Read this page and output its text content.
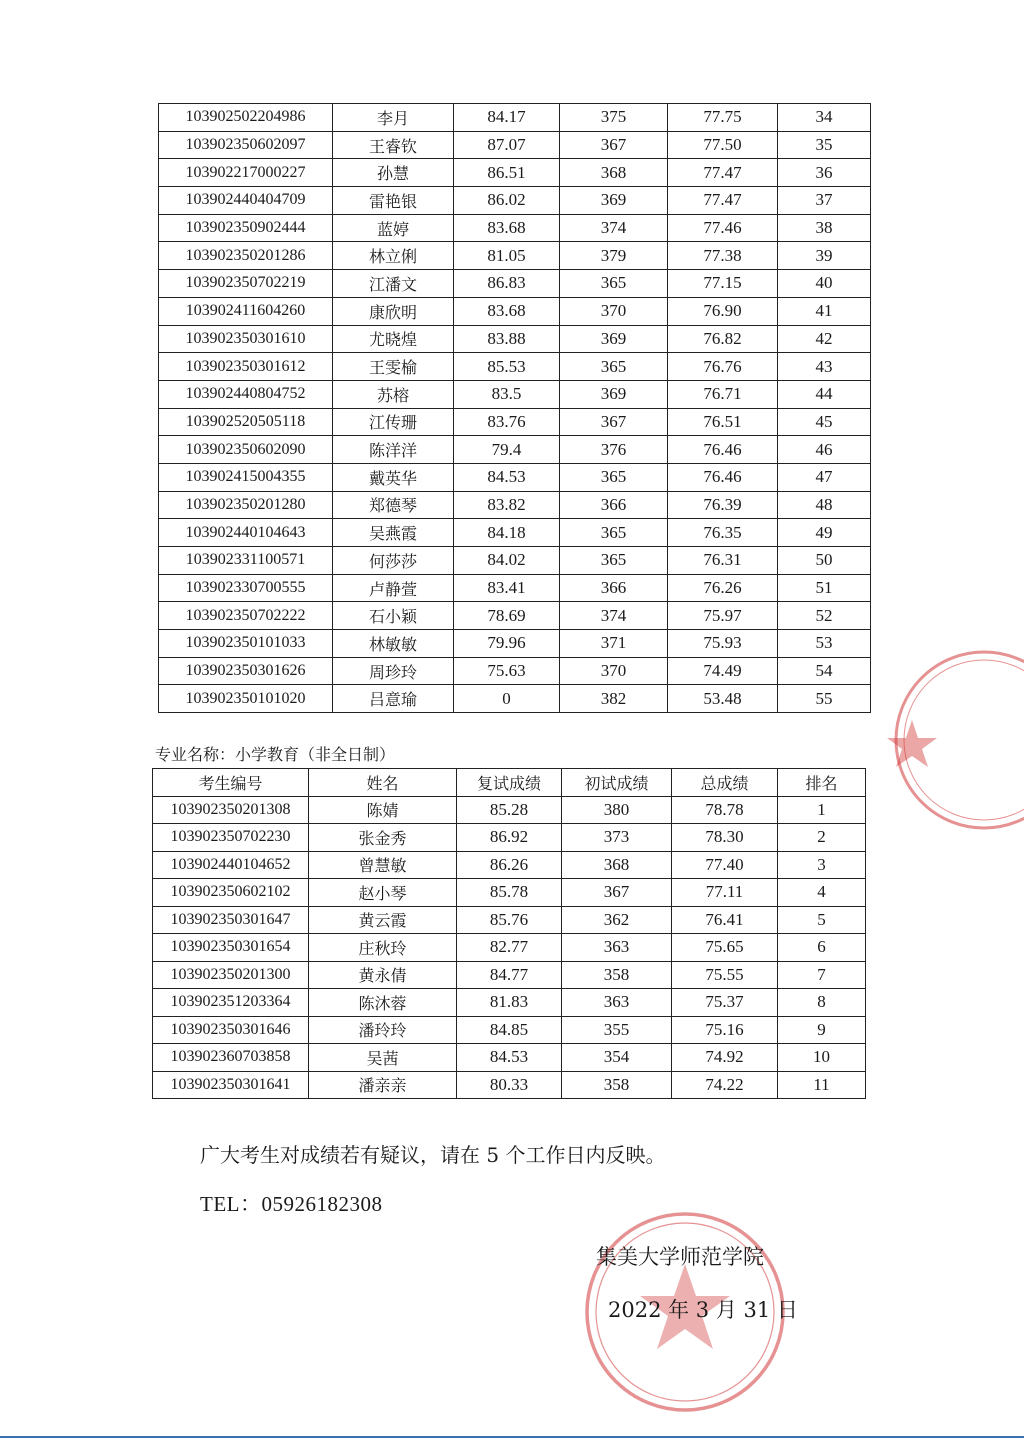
103902502204986	李月	84.17	375	77.75	34
103902350602097	王睿钦	87.07	367	77.50	35
103902217000227	孙慧	86.51	368	77.47	36
103902440404709	雷艳银	86.02	369	77.47	37
103902350902444	蓝婷	83.68	374	77.46	38
103902350201286	林立俐	81.05	379	77.38	39
103902350702219	江潘文	86.83	365	77.15	40
103902411604260	康欣明	83.68	370	76.90	41
103902350301610	尤晓煌	83.88	369	76.82	42
103902350301612	王雯榆	85.53	365	76.76	43
103902440804752	苏榕	83.5	369	76.71	44
103902520505118	江传珊	83.76	367	76.51	45
103902350602090	陈洋洋	79.4	376	76.46	46
103902415004355	戴英华	84.53	365	76.46	47
103902350201280	郑德琴	83.82	366	76.39	48
103902440104643	吴燕霞	84.18	365	76.35	49
103902331100571	何莎莎	84.02	365	76.31	50
103902330700555	卢静萱	83.41	366	76.26	51
103902350702222	石小颖	78.69	374	75.97	52
103902350101033	林敏敏	79.96	371	75.93	53
103902350301626	周珍玲	75.63	370	74.49	54
103902350101020	吕意瑜	0	382	53.48	55
专业名称：小学教育（非全日制）
考生编号	姓名	复试成绩	初试成绩	总成绩	排名
103902350201308	陈婧	85.28	380	78.78	1
103902350702230	张金秀	86.92	373	78.30	2
103902440104652	曾慧敏	86.26	368	77.40	3
103902350602102	赵小琴	85.78	367	77.11	4
103902350301647	黄云霞	85.76	362	76.41	5
103902350301654	庄秋玲	82.77	363	75.65	6
103902350201300	黄永倩	84.77	358	75.55	7
103902351203364	陈沐蓉	81.83	363	75.37	8
103902350301646	潘玲玲	84.85	355	75.16	9
103902360703858	吴茜	84.53	354	74.92	10
103902350301641	潘亲亲	80.33	358	74.22	11
广大考生对成绩若有疑议，请在 5 个工作日内反映。
TEL：05926182308
集美大学师范学院
2022 年 3 月 31 日
